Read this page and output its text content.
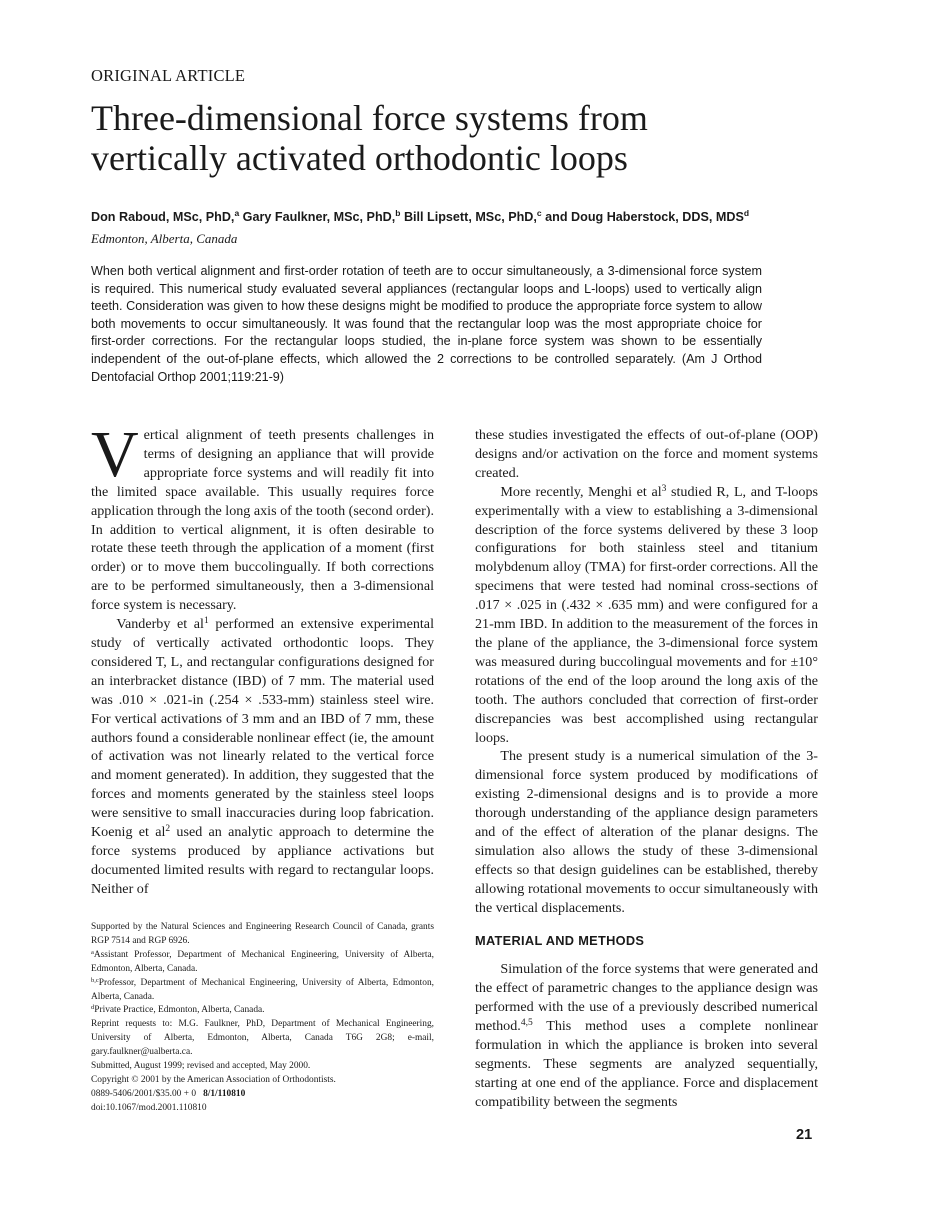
ORIGINAL ARTICLE
Three-dimensional force systems from
vertically activated orthodontic loops
Don Raboud, MSc, PhD,$^a$ Gary Faulkner, MSc, PhD,$^b$ Bill Lipsett, MSc, PhD,$^c$ and Doug Haberstock, DDS, MDS$^d$
Edmonton, Alberta, Canada
When both vertical alignment and first-order rotation of teeth are to occur simultaneously, a 3-dimensional force system is required. This numerical study evaluated several appliances (rectangular loops and L-loops) used to vertically align teeth. Consideration was given to how these designs might be modified to produce the appropriate force system to allow both movements to occur simultaneously. It was found that the rectangular loop was the most appropriate choice for first-order corrections. For the rectangular loops studied, the in-plane force system was shown to be essentially independent of the out-of-plane effects, which allowed the 2 corrections to be controlled separately. (Am J Orthod Dentofacial Orthop 2001;119:21-9)

Vertical alignment of teeth presents challenges in terms of designing an appliance that will provide appropriate force systems and will readily fit into the limited space available. This usually requires force application through the long axis of the tooth (second order). In addition to vertical alignment, it is often desirable to rotate these teeth through the application of a moment (first order) or to move them buccolingually. If both corrections are to be performed simultaneously, then a 3-dimensional force system is necessary.

Vanderby et $al^1$ performed an extensive experimental study of vertically activated orthodontic loops. They considered T, L, and rectangular configurations designed for an interbracket distance (IBD) of 7 mm. The material used was .010 × .021-in (.254 × .533-mm) stainless steel wire. For vertical activations of 3 mm and an IBD of 7 mm, these authors found a considerable nonlinear effect (ie, the amount of activation was not linearly related to the vertical force and moment generated). In addition, they suggested that the forces and moments generated by the stainless steel loops were sensitive to small inaccuracies during loop fabrication. Koenig et $al^2$ used an analytic approach to determine the force systems produced by appliance activations but documented limited results with regard to rectangular loops. Neither of

Supported by the Natural Sciences and Engineering Research Council of Canada, grants RGP 7514 and RGP 6926.
$^a$Assistant Professor, Department of Mechanical Engineering, University of Alberta, Edmonton, Alberta, Canada.
$^{b,c}$Professor, Department of Mechanical Engineering, University of Alberta, Edmonton, Alberta, Canada.
$^d$Private Practice, Edmonton, Alberta, Canada.
Reprint requests to: M.G. Faulkner, PhD, Department of Mechanical Engineering, University of Alberta, Edmonton, Alberta, Canada T6G 2G8; e-mail, gary.faulkner@ualberta.ca.
Submitted, August 1999; revised and accepted, May 2000.
Copyright © 2001 by the American Association of Orthodontists.
0889-5406/2001/$35.00 + 0 8/1/110810
doi:10.1067/mod.2001.110810

these studies investigated the effects of out-of-plane (OOP) designs and/or activation on the force and moment systems created.

More recently, Menghi et $al^3$ studied R, L, and T-loops experimentally with a view to establishing a 3-dimensional description of the force systems delivered by these 3 loop configurations for both stainless steel and titanium molybdenum alloy (TMA) for first-order corrections. All the specimens that were tested had nominal cross-sections of .017 × .025 in (.432 × .635 mm) and were configured for a 21-mm IBD. In addition to the measurement of the forces in the plane of the appliance, the 3-dimensional force system was measured during buccolingual movements and for ±10° rotations of the end of the loop around the long axis of the tooth. The authors concluded that correction of first-order discrepancies was best accomplished using rectangular loops.

The present study is a numerical simulation of the 3-dimensional force system produced by modifications of existing 2-dimensional designs and is to provide a more thorough understanding of the appliance design parameters and of the effect of alteration of the planar designs. The simulation also allows the study of these 3-dimensional effects so that design guidelines can be established, thereby allowing rotational movements to occur simultaneously with the vertical displacements.

MATERIAL AND METHODS

Simulation of the force systems that were generated and the effect of parametric changes to the appliance design was performed with the use of a previously described numerical method.$^{4,5}$ This method uses a complete nonlinear formulation in which the appliance is broken into several segments. These segments are analyzed sequentially, starting at one end of the appliance. Force and displacement compatibility between the segments

21
